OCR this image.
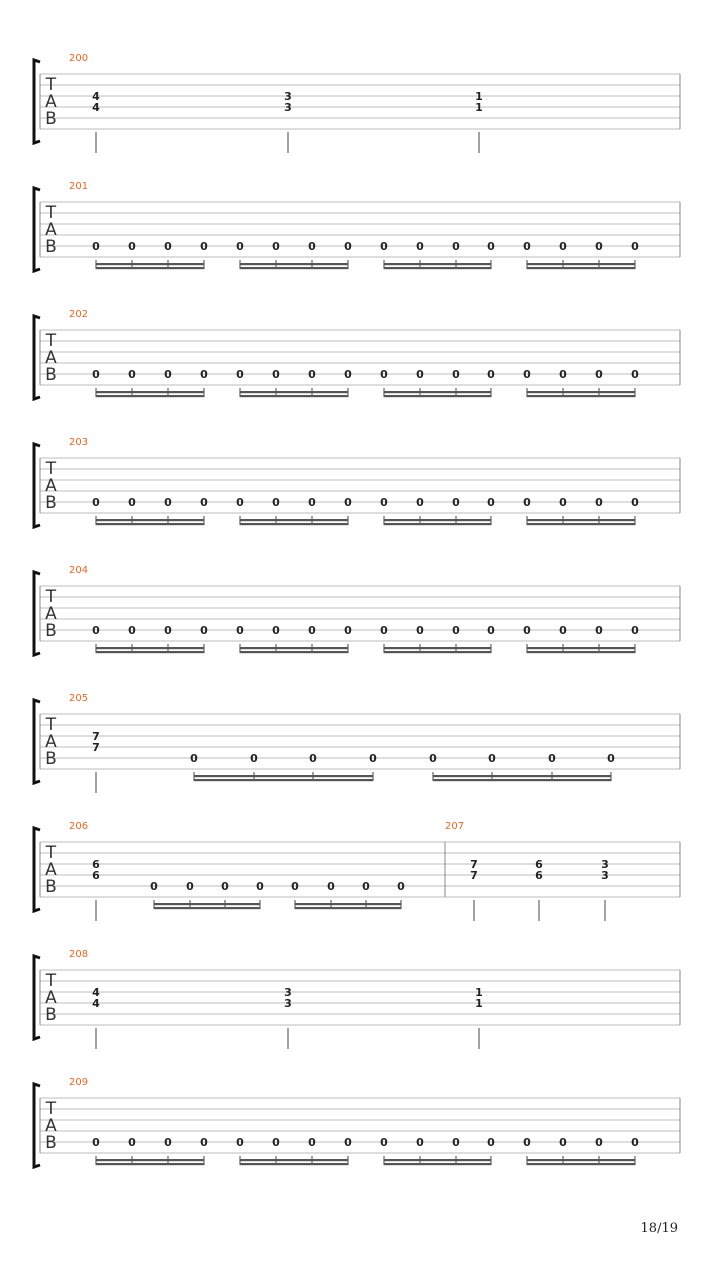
T
A
B
200
4
4
3
3
1
1
T
A
B
201
0	0	0	0	0	0	0	0	0	0	0 0	0	0	0	0
T
A
B
202
0	0	0	0	0	0	0	0	0	0	0 0	0	0	0	0
T
A
B
203
0	0	0	0	0	0	0	0	0	0	0 0	0	0	0	0
T
A
B
204
0	0	0	0	0	0	0	0	0	0	0 0	0	0	0	0
T
A
B
205
7
7
0	0	0	0	0	0	0	0
T
A
B
206
6
6
0	0 0 0 0	0 0 0
207
7
7
6
6
3
3
T
A
B
208
4
4
3
3
1
1
T
A
B
209
0	0	0	0	0	0	0	0	0	0	0 0	0	0	0	0
18/19
